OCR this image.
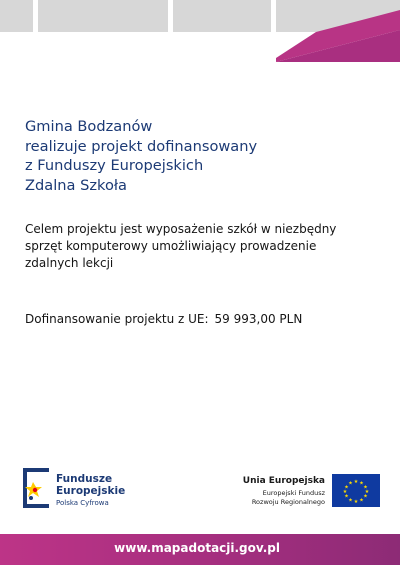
Gmina Bodzanów
realizuje projekt dofinansowany
z Funduszy Europejskich
Zdalna Szkoła
Celem projektu jest wyposażenie szkół w niezbędny
sprzęt komputerowy umożliwiający prowadzenie
zdalnych lekcji
Dofinansowanie projektu z UE: 59 993,00 PLN
Fundusze
Europejskie
Polska Cyfrowa
Unia Europejska
Europejski Fundusz
Rozwoju Regionalnego
★ ★
★
★
★
★
★
★
★
★
★
★
www.mapadotacji.gov.pl
